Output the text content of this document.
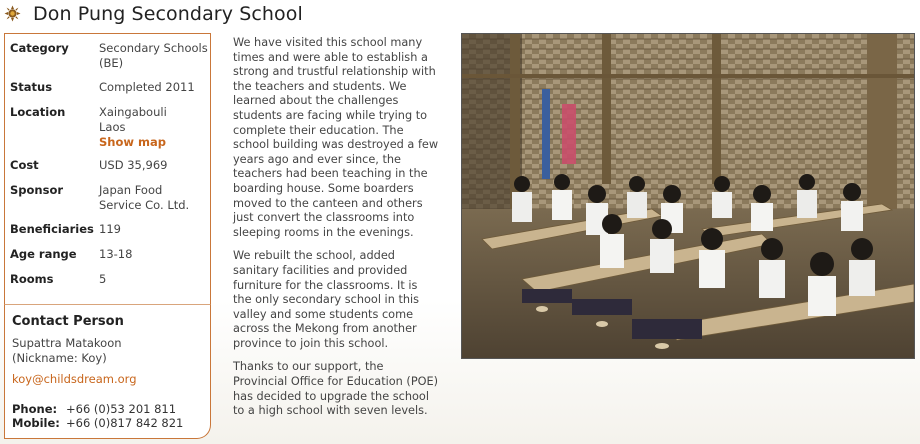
Don Pung Secondary School
Category	Secondary Schools
(BE)
Status	Completed 2011
Location	Xaingabouli
Laos
Show map
Cost	USD 35,969
Sponsor	Japan Food
Service Co. Ltd.
Beneficiaries 119
Age range	13-18
Rooms	5
Contact Person
Supattra Matakoon
(Nickname: Koy)
koy@childsdream.org
Phone: +66 (0)53 201 811
Mobile: +66 (0)817 842 821

We have visited this school many
times and were able to establish a
strong and trustful relationship with
the teachers and students. We
learned about the challenges
students are facing while trying to
complete their education. The
school building was destroyed a few
years ago and ever since, the
teachers had been teaching in the
boarding house. Some boarders
moved to the canteen and others
just convert the classrooms into
sleeping rooms in the evenings.

We rebuilt the school, added
sanitary facilities and provided
furniture for the classrooms. It is
the only secondary school in this
valley and some students come
across the Mekong from another
province to join this school.

Thanks to our support, the
Provincial Office for Education (POE)
has decided to upgrade the school
to a high school with seven levels.
